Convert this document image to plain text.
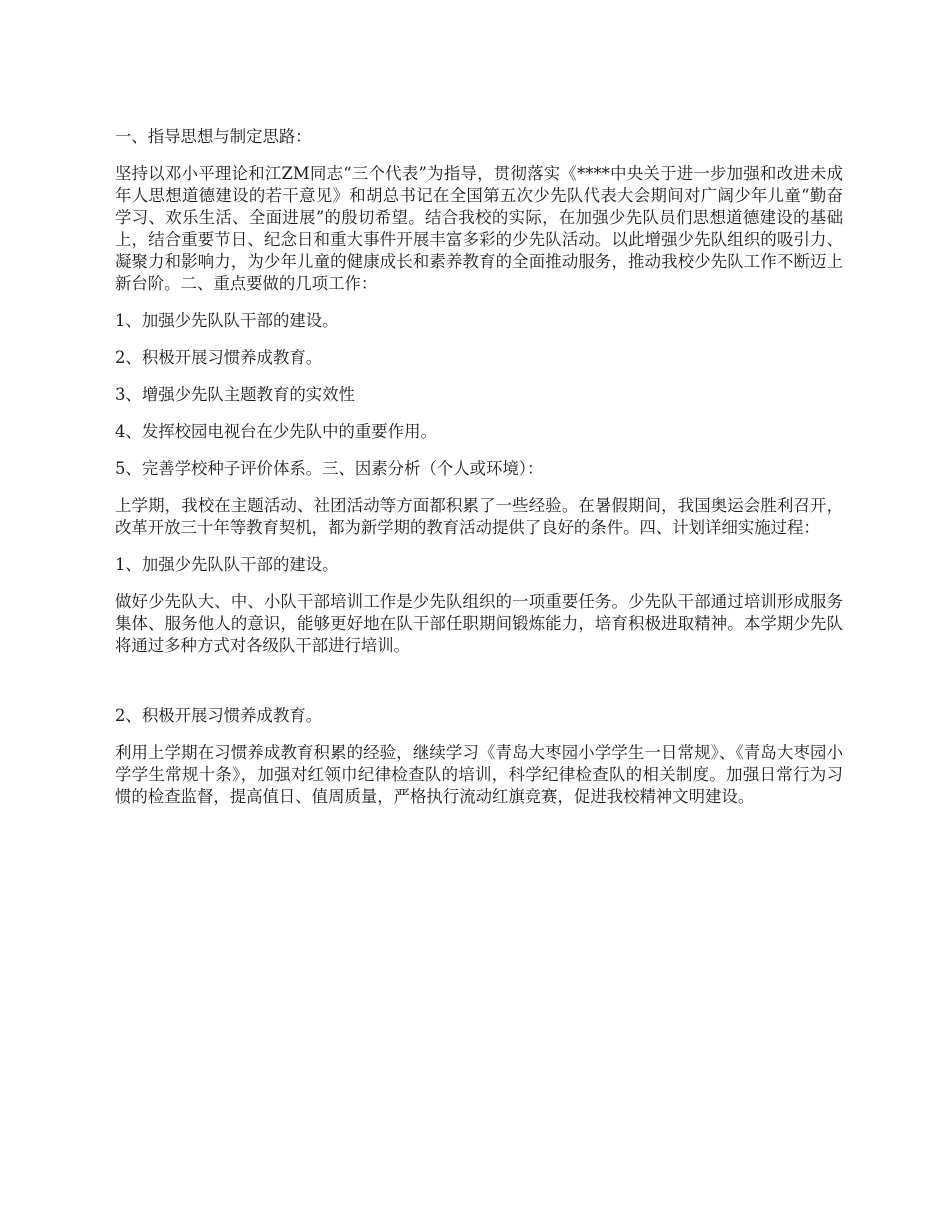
一、指导思想与制定思路：

坚持以邓小平理论和江ZM同志“三个代表”为指导，贯彻落实《****中央关于进一步加强和改进未成年人思想道德建设的若干意见》和胡总书记在全国第五次少先队代表大会期间对广阔少年儿童“勤奋学习、欢乐生活、全面进展”的殷切希望。结合我校的实际，在加强少先队员们思想道德建设的基础上，结合重要节日、纪念日和重大事件开展丰富多彩的少先队活动。以此增强少先队组织的吸引力、凝聚力和影响力，为少年儿童的健康成长和素养教育的全面推动服务，推动我校少先队工作不断迈上新台阶。二、重点要做的几项工作：

1、加强少先队队干部的建设。

2、积极开展习惯养成教育。

3、增强少先队主题教育的实效性

4、发挥校园电视台在少先队中的重要作用。

5、完善学校种子评价体系。三、因素分析（个人或环境）：

上学期，我校在主题活动、社团活动等方面都积累了一些经验。在暑假期间，我国奥运会胜利召开，改革开放三十年等教育契机，都为新学期的教育活动提供了良好的条件。四、计划详细实施过程：

1、加强少先队队干部的建设。

做好少先队大、中、小队干部培训工作是少先队组织的一项重要任务。少先队干部通过培训形成服务集体、服务他人的意识，能够更好地在队干部任职期间锻炼能力，培育积极进取精神。本学期少先队将通过多种方式对各级队干部进行培训。

2、积极开展习惯养成教育。

利用上学期在习惯养成教育积累的经验，继续学习《青岛大枣园小学学生一日常规》、《青岛大枣园小学学生常规十条》，加强对红领巾纪律检查队的培训，科学纪律检查队的相关制度。加强日常行为习惯的检查监督，提高值日、值周质量，严格执行流动红旗竞赛，促进我校精神文明建设。
